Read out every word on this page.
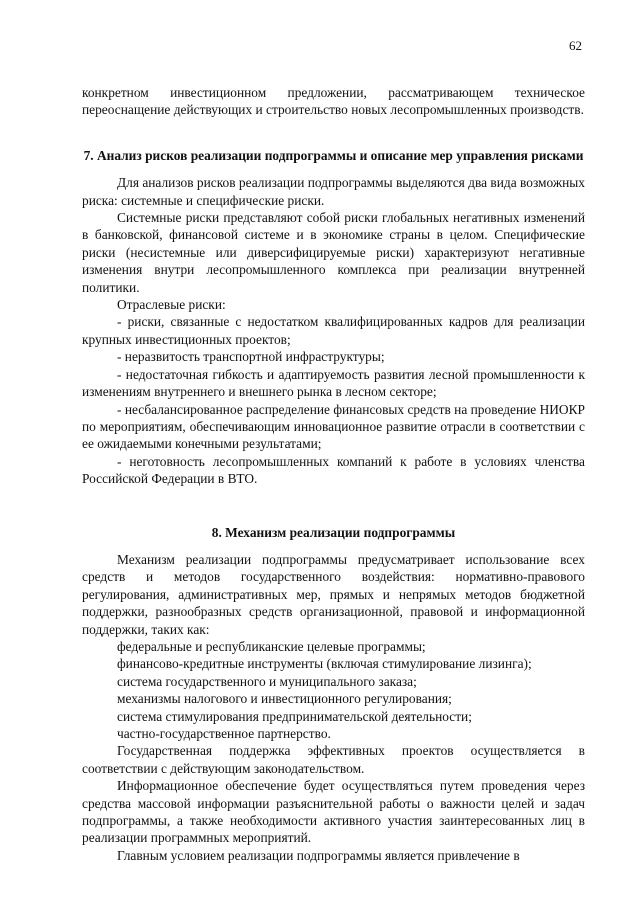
62

конкретном инвестиционном предложении, рассматривающем техническое переоснащение действующих и строительство новых лесопромышленных производств.

7. Анализ рисков реализации подпрограммы и описание мер управления рисками

Для анализов рисков реализации подпрограммы выделяются два вида возможных риска: системные и специфические риски.

Системные риски представляют собой риски глобальных негативных изменений в банковской, финансовой системе и в экономике страны в целом. Специфические риски (несистемные или диверсифицируемые риски) характеризуют негативные изменения внутри лесопромышленного комплекса при реализации внутренней политики.

Отраслевые риски:

- риски, связанные с недостатком квалифицированных кадров для реализации крупных инвестиционных проектов;

- неразвитость транспортной инфраструктуры;

- недостаточная гибкость и адаптируемость развития лесной промышленности к изменениям внутреннего и внешнего рынка в лесном секторе;

- несбалансированное распределение финансовых средств на проведение НИОКР по мероприятиям, обеспечивающим инновационное развитие отрасли в соответствии с ее ожидаемыми конечными результатами;

- неготовность лесопромышленных компаний к работе в условиях членства Российской Федерации в ВТО.

8. Механизм реализации подпрограммы

Механизм реализации подпрограммы предусматривает использование всех средств и методов государственного воздействия: нормативно-правового регулирования, административных мер, прямых и непрямых методов бюджетной поддержки, разнообразных средств организационной, правовой и информационной поддержки, таких как:

федеральные и республиканские целевые программы;

финансово-кредитные инструменты (включая стимулирование лизинга);

система государственного и муниципального заказа;

механизмы налогового и инвестиционного регулирования;

система стимулирования предпринимательской деятельности;

частно-государственное партнерство.

Государственная поддержка эффективных проектов осуществляется в соответствии с действующим законодательством.

Информационное обеспечение будет осуществляться путем проведения через средства массовой информации разъяснительной работы о важности целей и задач подпрограммы, а также необходимости активного участия заинтересованных лиц в реализации программных мероприятий.

Главным условием реализации подпрограммы является привлечение в
